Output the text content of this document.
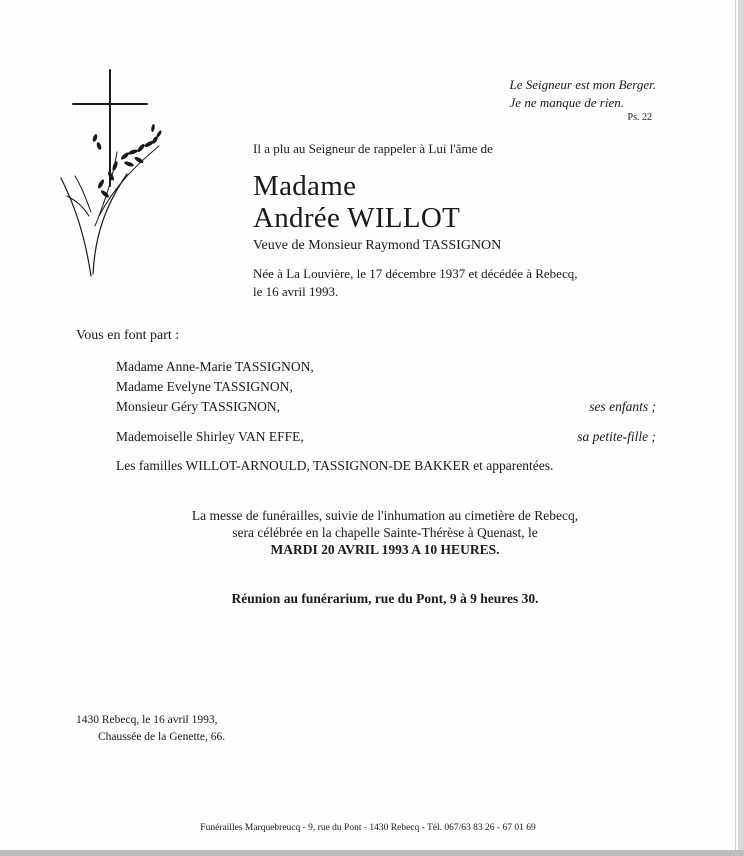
Le Seigneur est mon Berger.
Je ne manque de rien.
Ps. 22
Il a plu au Seigneur de rappeler à Lui l'âme de
Madame
Andrée WILLOT
Veuve de Monsieur Raymond TASSIGNON
Née à La Louvière, le 17 décembre 1937 et décédée à Rebecq, le 16 avril 1993.
Vous en font part :
Madame Anne-Marie TASSIGNON,
Madame Evelyne TASSIGNON,
Monsieur Géry TASSIGNON,	ses enfants ;
Mademoiselle Shirley VAN EFFE,	sa petite-fille ;
Les familles WILLOT-ARNOULD, TASSIGNON-DE BAKKER et apparentées.
La messe de funérailles, suivie de l'inhumation au cimetière de Rebecq,
sera célébrée en la chapelle Sainte-Thérèse à Quenast, le
MARDI 20 AVRIL 1993 A 10 HEURES.
Réunion au funérarium, rue du Pont, 9 à 9 heures 30.
1430 Rebecq, le 16 avril 1993,
Chaussée de la Genette, 66.
Funérailles Marquebreucq - 9, rue du Pont - 1430 Rebecq - Tél. 067/63 83 26 - 67 01 69
